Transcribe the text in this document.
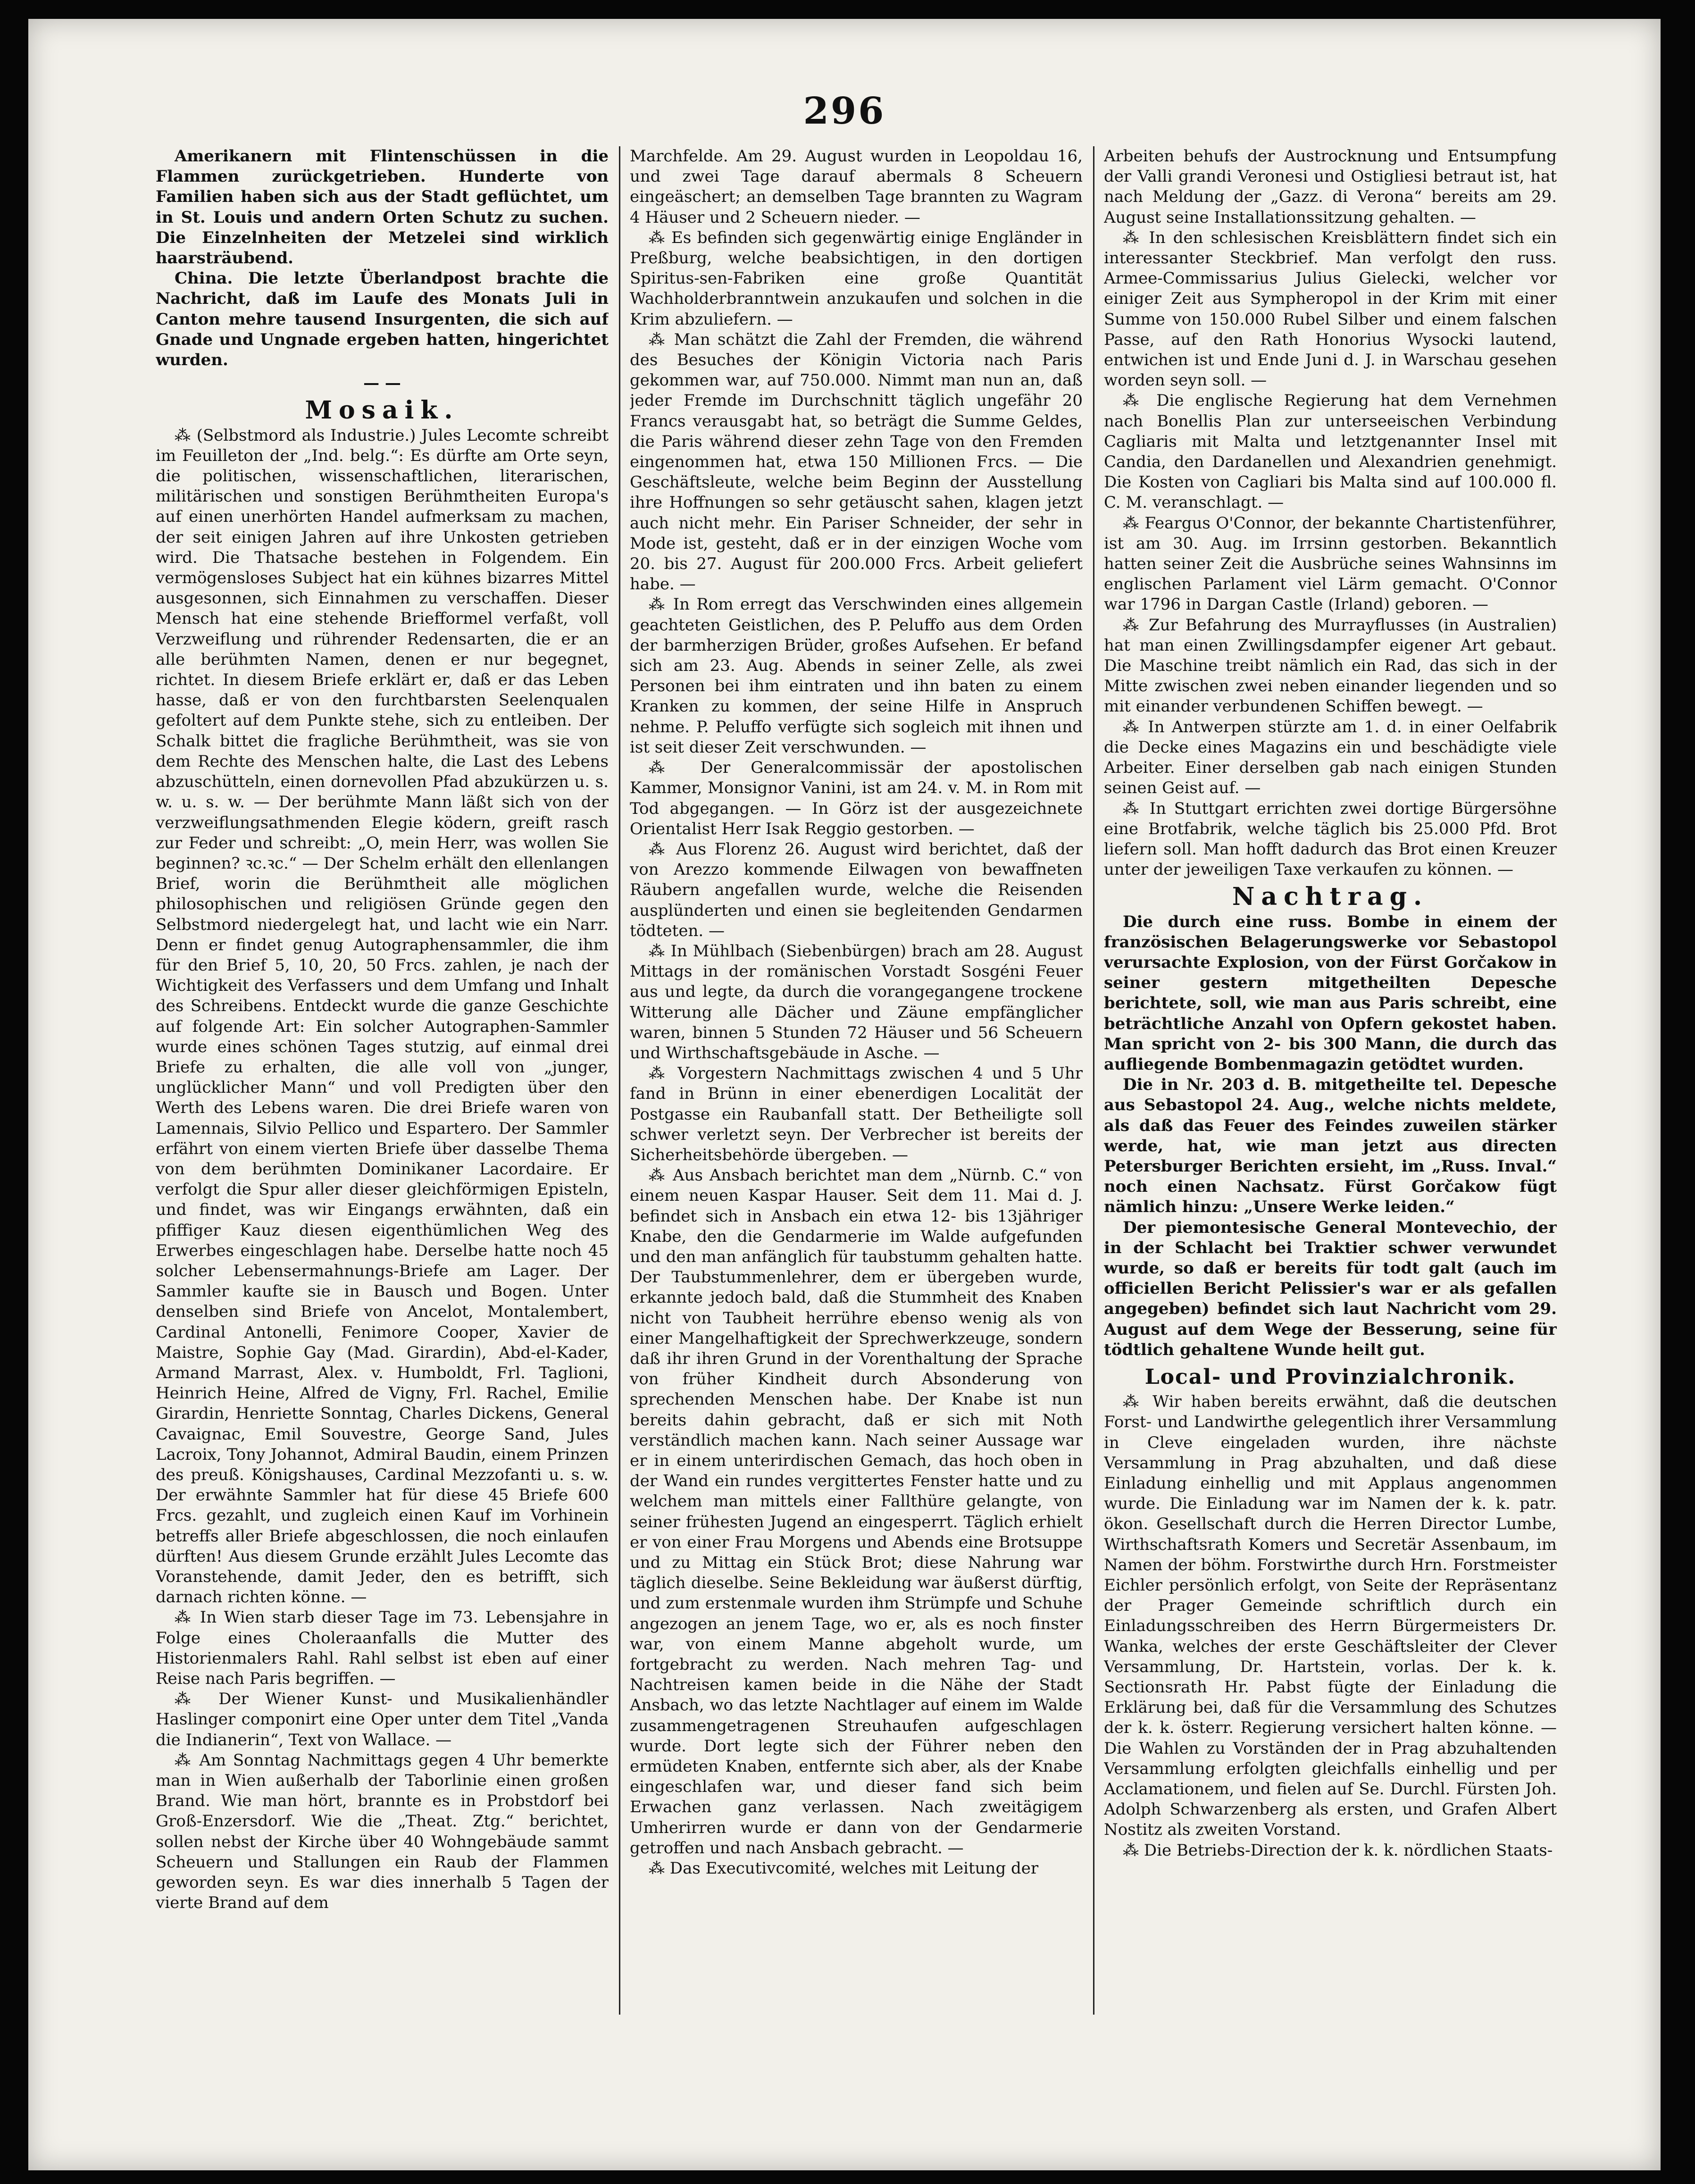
296

Amerikanern mit Flintenschüssen in die Flammen zurückgetrieben. Hunderte von Familien haben sich aus der Stadt geflüchtet, um in St. Louis und andern Orten Schutz zu suchen. Die Einzelnheiten der Metzelei sind wirklich haarsträubend.

China. Die letzte Überlandpost brachte die Nachricht, daß im Laufe des Monats Juli in Canton mehre tausend Insurgenten, die sich auf Gnade und Ungnade ergeben hatten, hingerichtet wurden.

— —

Mosaik.

⁂ (Selbstmord als Industrie.) Jules Lecomte schreibt im Feuilleton der „Ind. belg.“: Es dürfte am Orte seyn, die politischen, wissenschaftlichen, literarischen, militärischen und sonstigen Berühmtheiten Europa's auf einen unerhörten Handel aufmerksam zu machen, der seit einigen Jahren auf ihre Unkosten getrieben wird. Die Thatsache bestehen in Folgendem. Ein vermögensloses Subject hat ein kühnes bizarres Mittel ausgesonnen, sich Einnahmen zu verschaffen. Dieser Mensch hat eine stehende Briefformel verfaßt, voll Verzweiflung und rührender Redensarten, die er an alle berühmten Namen, denen er nur begegnet, richtet. In diesem Briefe erklärt er, daß er das Leben hasse, daß er von den furchtbarsten Seelenqualen gefoltert auf dem Punkte stehe, sich zu entleiben. Der Schalk bittet die fragliche Berühmtheit, was sie von dem Rechte des Menschen halte, die Last des Lebens abzuschütteln, einen dornevollen Pfad abzukürzen u. s. w. u. s. w. — Der berühmte Mann läßt sich von der verzweiflungsathmenden Elegie ködern, greift rasch zur Feder und schreibt: „O, mein Herr, was wollen Sie beginnen? ꝛc.ꝛc.“ — Der Schelm erhält den ellenlangen Brief, worin die Berühmtheit alle möglichen philosophischen und religiösen Gründe gegen den Selbstmord niedergelegt hat, und lacht wie ein Narr. Denn er findet genug Autographensammler, die ihm für den Brief 5, 10, 20, 50 Frcs. zahlen, je nach der Wichtigkeit des Verfassers und dem Umfang und Inhalt des Schreibens. Entdeckt wurde die ganze Geschichte auf folgende Art: Ein solcher Autographen-Sammler wurde eines schönen Tages stutzig, auf einmal drei Briefe zu erhalten, die alle voll von „junger, unglücklicher Mann“ und voll Predigten über den Werth des Lebens waren. Die drei Briefe waren von Lamennais, Silvio Pellico und Espartero. Der Sammler erfährt von einem vierten Briefe über dasselbe Thema von dem berühmten Dominikaner Lacordaire. Er verfolgt die Spur aller dieser gleichförmigen Episteln, und findet, was wir Eingangs erwähnten, daß ein pfiffiger Kauz diesen eigenthümlichen Weg des Erwerbes eingeschlagen habe. Derselbe hatte noch 45 solcher Lebensermahnungs-Briefe am Lager. Der Sammler kaufte sie in Bausch und Bogen. Unter denselben sind Briefe von Ancelot, Montalembert, Cardinal Antonelli, Fenimore Cooper, Xavier de Maistre, Sophie Gay (Mad. Girardin), Abd-el-Kader, Armand Marrast, Alex. v. Humboldt, Frl. Taglioni, Heinrich Heine, Alfred de Vigny, Frl. Rachel, Emilie Girardin, Henriette Sonntag, Charles Dickens, General Cavaignac, Emil Souvestre, George Sand, Jules Lacroix, Tony Johannot, Admiral Baudin, einem Prinzen des preuß. Königshauses, Cardinal Mezzofanti u. s. w. Der erwähnte Sammler hat für diese 45 Briefe 600 Frcs. gezahlt, und zugleich einen Kauf im Vorhinein betreffs aller Briefe abgeschlossen, die noch einlaufen dürften! Aus diesem Grunde erzählt Jules Lecomte das Voranstehende, damit Jeder, den es betrifft, sich darnach richten könne. —

⁂ In Wien starb dieser Tage im 73. Lebensjahre in Folge eines Choleraanfalls die Mutter des Historienmalers Rahl. Rahl selbst ist eben auf einer Reise nach Paris begriffen. —

⁂ Der Wiener Kunst- und Musikalienhändler Haslinger componirt eine Oper unter dem Titel „Vanda die Indianerin“, Text von Wallace. —

⁂ Am Sonntag Nachmittags gegen 4 Uhr bemerkte man in Wien außerhalb der Taborlinie einen großen Brand. Wie man hört, brannte es in Probstdorf bei Groß-Enzersdorf. Wie die „Theat. Ztg.“ berichtet, sollen nebst der Kirche über 40 Wohngebäude sammt Scheuern und Stallungen ein Raub der Flammen geworden seyn. Es war dies innerhalb 5 Tagen der vierte Brand auf dem

Marchfelde. Am 29. August wurden in Leopoldau 16, und zwei Tage darauf abermals 8 Scheuern eingeäschert; an demselben Tage brannten zu Wagram 4 Häuser und 2 Scheuern nieder. —

⁂ Es befinden sich gegenwärtig einige Engländer in Preßburg, welche beabsichtigen, in den dortigen Spiritus-sen-Fabriken eine große Quantität Wachholderbranntwein anzukaufen und solchen in die Krim abzuliefern. —

⁂ Man schätzt die Zahl der Fremden, die während des Besuches der Königin Victoria nach Paris gekommen war, auf 750.000. Nimmt man nun an, daß jeder Fremde im Durchschnitt täglich ungefähr 20 Francs verausgabt hat, so beträgt die Summe Geldes, die Paris während dieser zehn Tage von den Fremden eingenommen hat, etwa 150 Millionen Frcs. — Die Geschäftsleute, welche beim Beginn der Ausstellung ihre Hoffnungen so sehr getäuscht sahen, klagen jetzt auch nicht mehr. Ein Pariser Schneider, der sehr in Mode ist, gesteht, daß er in der einzigen Woche vom 20. bis 27. August für 200.000 Frcs. Arbeit geliefert habe. —

⁂ In Rom erregt das Verschwinden eines allgemein geachteten Geistlichen, des P. Peluffo aus dem Orden der barmherzigen Brüder, großes Aufsehen. Er befand sich am 23. Aug. Abends in seiner Zelle, als zwei Personen bei ihm eintraten und ihn baten zu einem Kranken zu kommen, der seine Hilfe in Anspruch nehme. P. Peluffo verfügte sich sogleich mit ihnen und ist seit dieser Zeit verschwunden. —

⁂ Der Generalcommissär der apostolischen Kammer, Monsignor Vanini, ist am 24. v. M. in Rom mit Tod abgegangen. — In Görz ist der ausgezeichnete Orientalist Herr Isak Reggio gestorben. —

⁂ Aus Florenz 26. August wird berichtet, daß der von Arezzo kommende Eilwagen von bewaffneten Räubern angefallen wurde, welche die Reisenden ausplünderten und einen sie begleitenden Gendarmen tödteten. —

⁂ In Mühlbach (Siebenbürgen) brach am 28. August Mittags in der romänischen Vorstadt Sosgéni Feuer aus und legte, da durch die vorangegangene trockene Witterung alle Dächer und Zäune empfänglicher waren, binnen 5 Stunden 72 Häuser und 56 Scheuern und Wirthschaftsgebäude in Asche. —

⁂ Vorgestern Nachmittags zwischen 4 und 5 Uhr fand in Brünn in einer ebenerdigen Localität der Postgasse ein Raubanfall statt. Der Betheiligte soll schwer verletzt seyn. Der Verbrecher ist bereits der Sicherheitsbehörde übergeben. —

⁂ Aus Ansbach berichtet man dem „Nürnb. C.“ von einem neuen Kaspar Hauser. Seit dem 11. Mai d. J. befindet sich in Ansbach ein etwa 12- bis 13jähriger Knabe, den die Gendarmerie im Walde aufgefunden und den man anfänglich für taubstumm gehalten hatte. Der Taubstummenlehrer, dem er übergeben wurde, erkannte jedoch bald, daß die Stummheit des Knaben nicht von Taubheit herrühre ebenso wenig als von einer Mangelhaftigkeit der Sprechwerkzeuge, sondern daß ihr ihren Grund in der Vorenthaltung der Sprache von früher Kindheit durch Absonderung von sprechenden Menschen habe. Der Knabe ist nun bereits dahin gebracht, daß er sich mit Noth verständlich machen kann. Nach seiner Aussage war er in einem unterirdischen Gemach, das hoch oben in der Wand ein rundes vergittertes Fenster hatte und zu welchem man mittels einer Fallthüre gelangte, von seiner frühesten Jugend an eingesperrt. Täglich erhielt er von einer Frau Morgens und Abends eine Brotsuppe und zu Mittag ein Stück Brot; diese Nahrung war täglich dieselbe. Seine Bekleidung war äußerst dürftig, und zum erstenmale wurden ihm Strümpfe und Schuhe angezogen an jenem Tage, wo er, als es noch finster war, von einem Manne abgeholt wurde, um fortgebracht zu werden. Nach mehren Tag- und Nachtreisen kamen beide in die Nähe der Stadt Ansbach, wo das letzte Nachtlager auf einem im Walde zusammengetragenen Streuhaufen aufgeschlagen wurde. Dort legte sich der Führer neben den ermüdeten Knaben, entfernte sich aber, als der Knabe eingeschlafen war, und dieser fand sich beim Erwachen ganz verlassen. Nach zweitägigem Umherirren wurde er dann von der Gendarmerie getroffen und nach Ansbach gebracht. —

⁂ Das Executivcomité, welches mit Leitung der

Arbeiten behufs der Austrocknung und Entsumpfung der Valli grandi Veronesi und Ostigliesi betraut ist, hat nach Meldung der „Gazz. di Verona“ bereits am 29. August seine Installationssitzung gehalten. —

⁂ In den schlesischen Kreisblättern findet sich ein interessanter Steckbrief. Man verfolgt den russ. Armee-Commissarius Julius Gielecki, welcher vor einiger Zeit aus Sympheropol in der Krim mit einer Summe von 150.000 Rubel Silber und einem falschen Passe, auf den Rath Honorius Wysocki lautend, entwichen ist und Ende Juni d. J. in Warschau gesehen worden seyn soll. —

⁂ Die englische Regierung hat dem Vernehmen nach Bonellis Plan zur unterseeischen Verbindung Cagliaris mit Malta und letztgenannter Insel mit Candia, den Dardanellen und Alexandrien genehmigt. Die Kosten von Cagliari bis Malta sind auf 100.000 fl. C. M. veranschlagt. —

⁂ Feargus O'Connor, der bekannte Chartistenführer, ist am 30. Aug. im Irrsinn gestorben. Bekanntlich hatten seiner Zeit die Ausbrüche seines Wahnsinns im englischen Parlament viel Lärm gemacht. O'Connor war 1796 in Dargan Castle (Irland) geboren. —

⁂ Zur Befahrung des Murrayflusses (in Australien) hat man einen Zwillingsdampfer eigener Art gebaut. Die Maschine treibt nämlich ein Rad, das sich in der Mitte zwischen zwei neben einander liegenden und so mit einander verbundenen Schiffen bewegt. —

⁂ In Antwerpen stürzte am 1. d. in einer Oelfabrik die Decke eines Magazins ein und beschädigte viele Arbeiter. Einer derselben gab nach einigen Stunden seinen Geist auf. —

⁂ In Stuttgart errichten zwei dortige Bürgersöhne eine Brotfabrik, welche täglich bis 25.000 Pfd. Brot liefern soll. Man hofft dadurch das Brot einen Kreuzer unter der jeweiligen Taxe verkaufen zu können. —

Nachtrag.

Die durch eine russ. Bombe in einem der französischen Belagerungswerke vor Sebastopol verursachte Explosion, von der Fürst Gorčakow in seiner gestern mitgetheilten Depesche berichtete, soll, wie man aus Paris schreibt, eine beträchtliche Anzahl von Opfern gekostet haben. Man spricht von 2- bis 300 Mann, die durch das aufliegende Bombenmagazin getödtet wurden.

Die in Nr. 203 d. B. mitgetheilte tel. Depesche aus Sebastopol 24. Aug., welche nichts meldete, als daß das Feuer des Feindes zuweilen stärker werde, hat, wie man jetzt aus directen Petersburger Berichten ersieht, im „Russ. Inval.“ noch einen Nachsatz. Fürst Gorčakow fügt nämlich hinzu: „Unsere Werke leiden.“

Der piemontesische General Montevechio, der in der Schlacht bei Traktier schwer verwundet wurde, so daß er bereits für todt galt (auch im officiellen Bericht Pelissier's war er als gefallen angegeben) befindet sich laut Nachricht vom 29. August auf dem Wege der Besserung, seine für tödtlich gehaltene Wunde heilt gut.

Local- und Provinzialchronik.

⁂ Wir haben bereits erwähnt, daß die deutschen Forst- und Landwirthe gelegentlich ihrer Versammlung in Cleve eingeladen wurden, ihre nächste Versammlung in Prag abzuhalten, und daß diese Einladung einhellig und mit Applaus angenommen wurde. Die Einladung war im Namen der k. k. patr. ökon. Gesellschaft durch die Herren Director Lumbe, Wirthschaftsrath Komers und Secretär Assenbaum, im Namen der böhm. Forstwirthe durch Hrn. Forstmeister Eichler persönlich erfolgt, von Seite der Repräsentanz der Prager Gemeinde schriftlich durch ein Einladungsschreiben des Herrn Bürgermeisters Dr. Wanka, welches der erste Geschäftsleiter der Clever Versammlung, Dr. Hartstein, vorlas. Der k. k. Sectionsrath Hr. Pabst fügte der Einladung die Erklärung bei, daß für die Versammlung des Schutzes der k. k. österr. Regierung versichert halten könne. — Die Wahlen zu Vorständen der in Prag abzuhaltenden Versammlung erfolgten gleichfalls einhellig und per Acclamationem, und fielen auf Se. Durchl. Fürsten Joh. Adolph Schwarzenberg als ersten, und Grafen Albert Nostitz als zweiten Vorstand.

⁂ Die Betriebs-Direction der k. k. nördlichen Staats-
